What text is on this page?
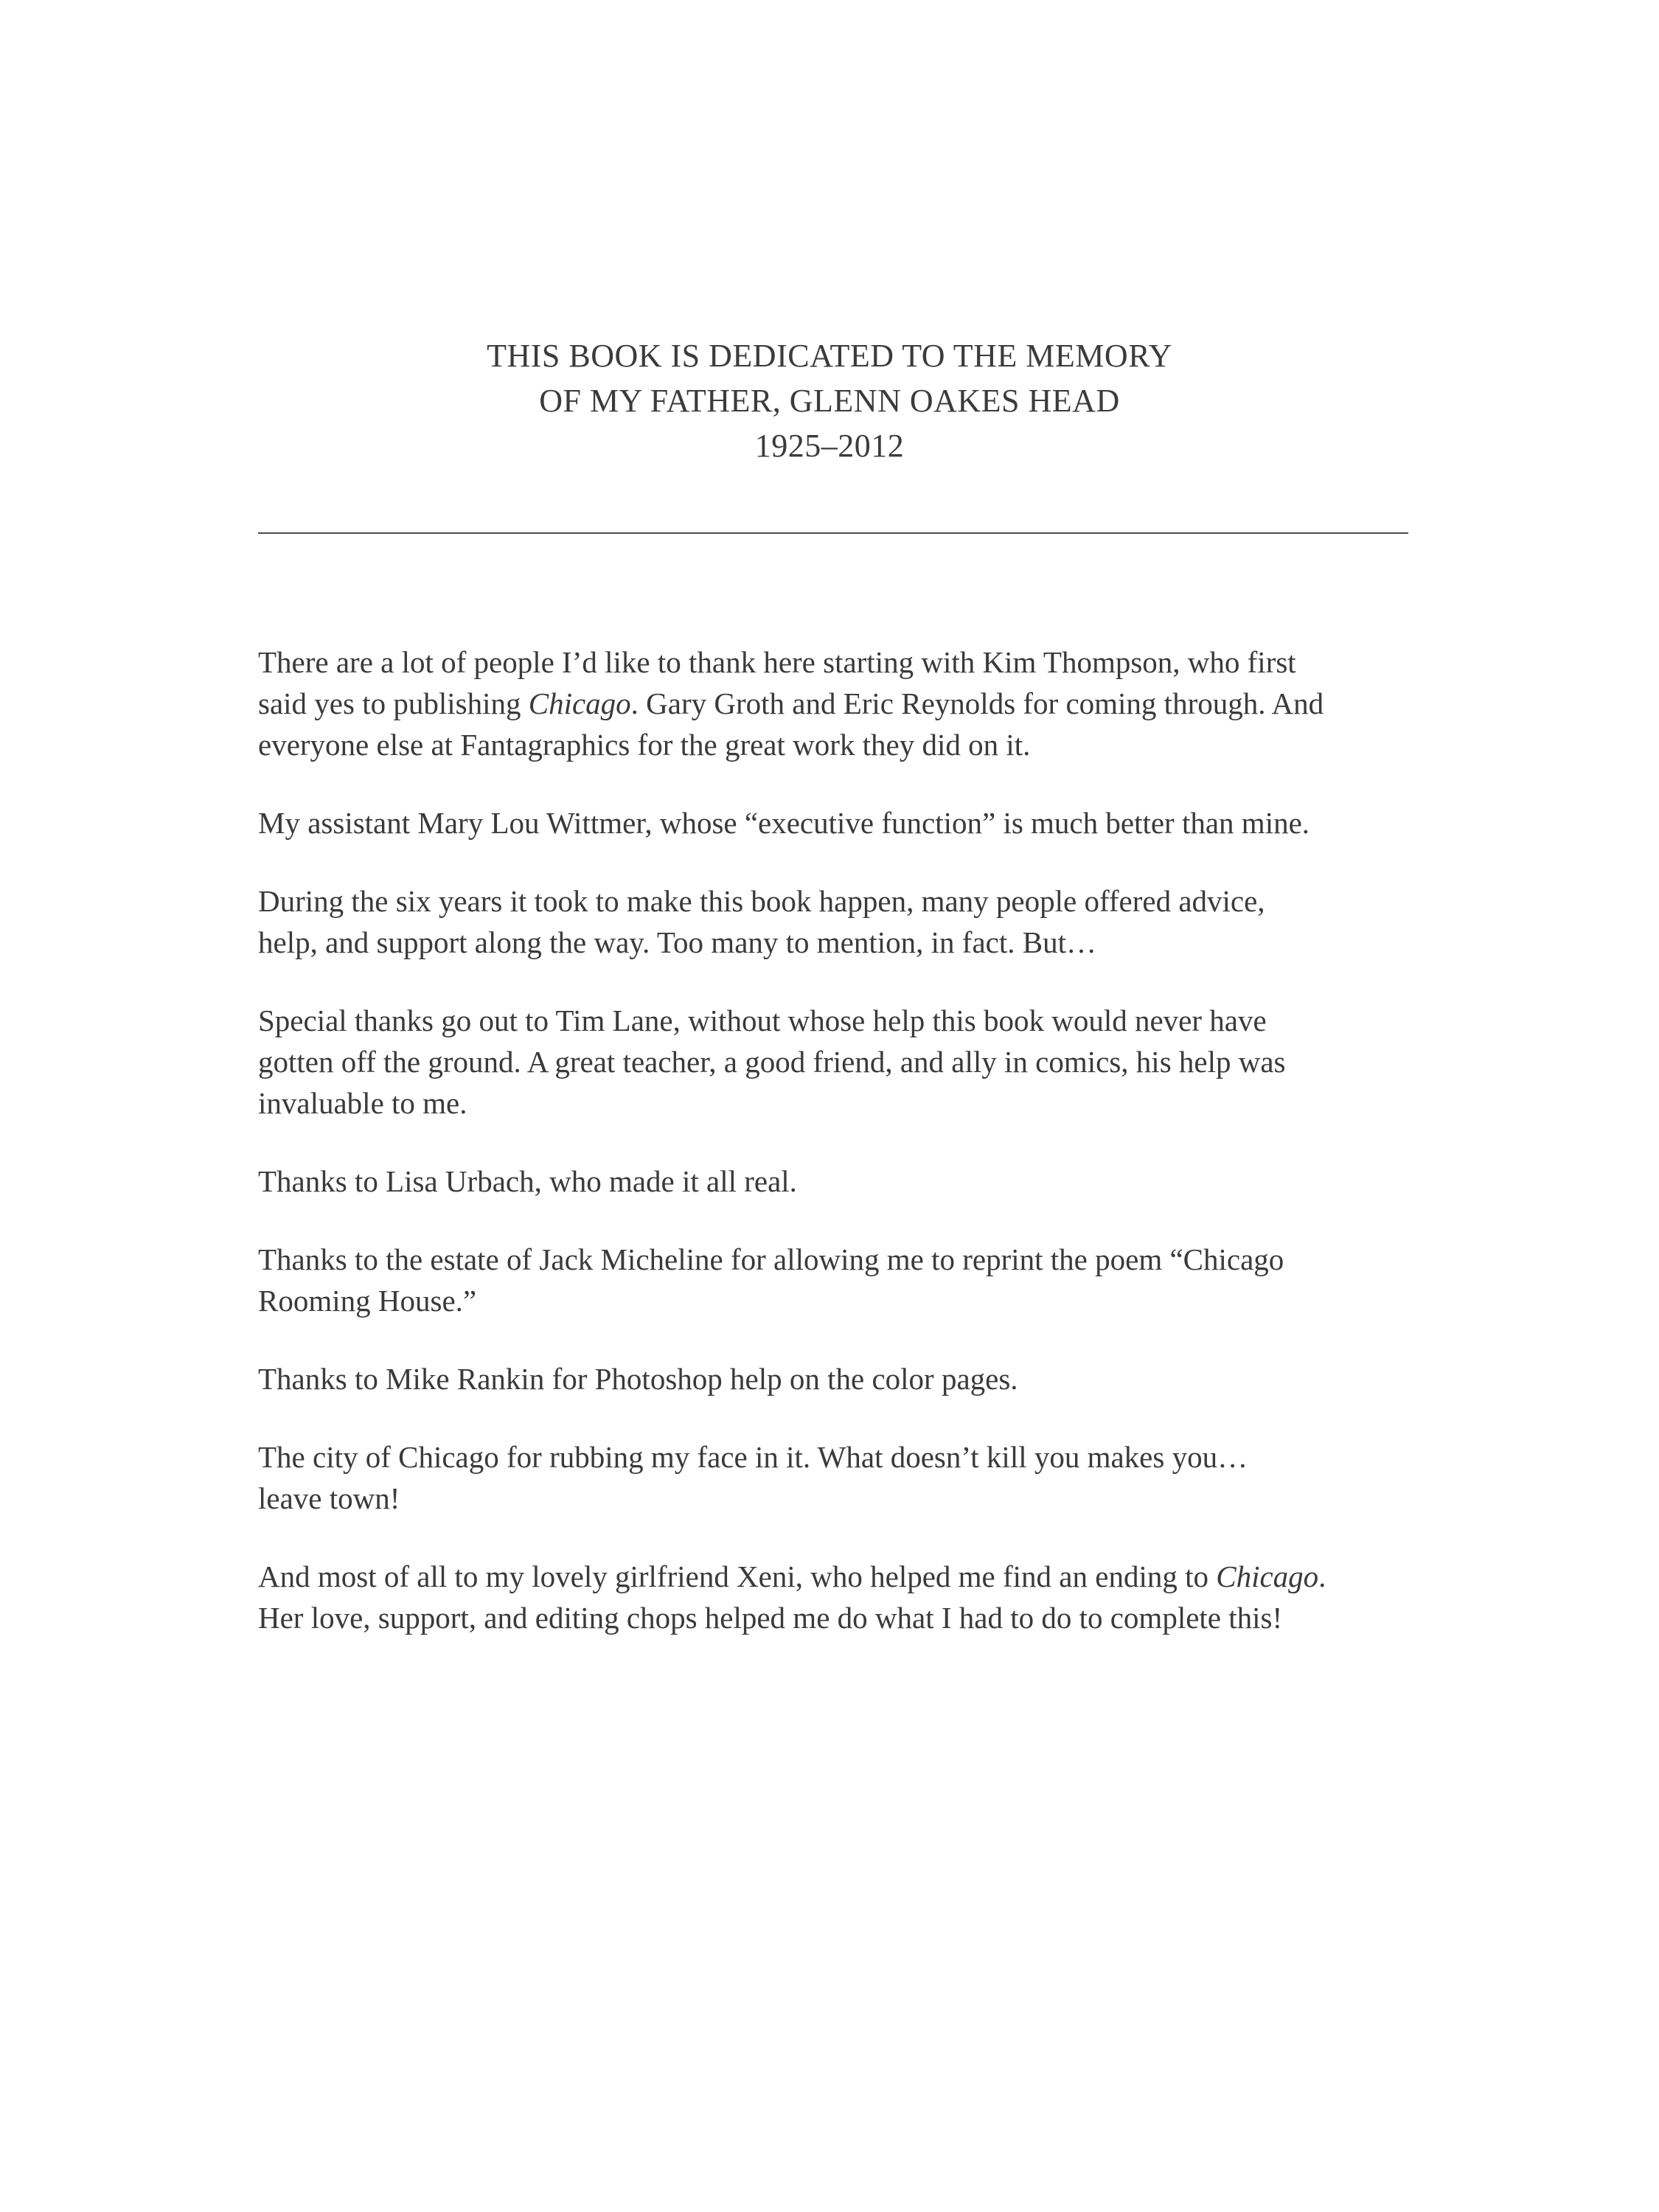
THIS BOOK IS DEDICATED TO THE MEMORY
OF MY FATHER, GLENN OAKES HEAD
1925–2012

There are a lot of people I’d like to thank here starting with Kim Thompson, who first
said yes to publishing Chicago. Gary Groth and Eric Reynolds for coming through. And
everyone else at Fantagraphics for the great work they did on it.

My assistant Mary Lou Wittmer, whose “executive function” is much better than mine.

During the six years it took to make this book happen, many people offered advice,
help, and support along the way. Too many to mention, in fact. But…

Special thanks go out to Tim Lane, without whose help this book would never have
gotten off the ground. A great teacher, a good friend, and ally in comics, his help was
invaluable to me.

Thanks to Lisa Urbach, who made it all real.

Thanks to the estate of Jack Micheline for allowing me to reprint the poem “Chicago
Rooming House.”

Thanks to Mike Rankin for Photoshop help on the color pages.

The city of Chicago for rubbing my face in it. What doesn’t kill you makes you…
leave town!

And most of all to my lovely girlfriend Xeni, who helped me find an ending to Chicago.
Her love, support, and editing chops helped me do what I had to do to complete this!
